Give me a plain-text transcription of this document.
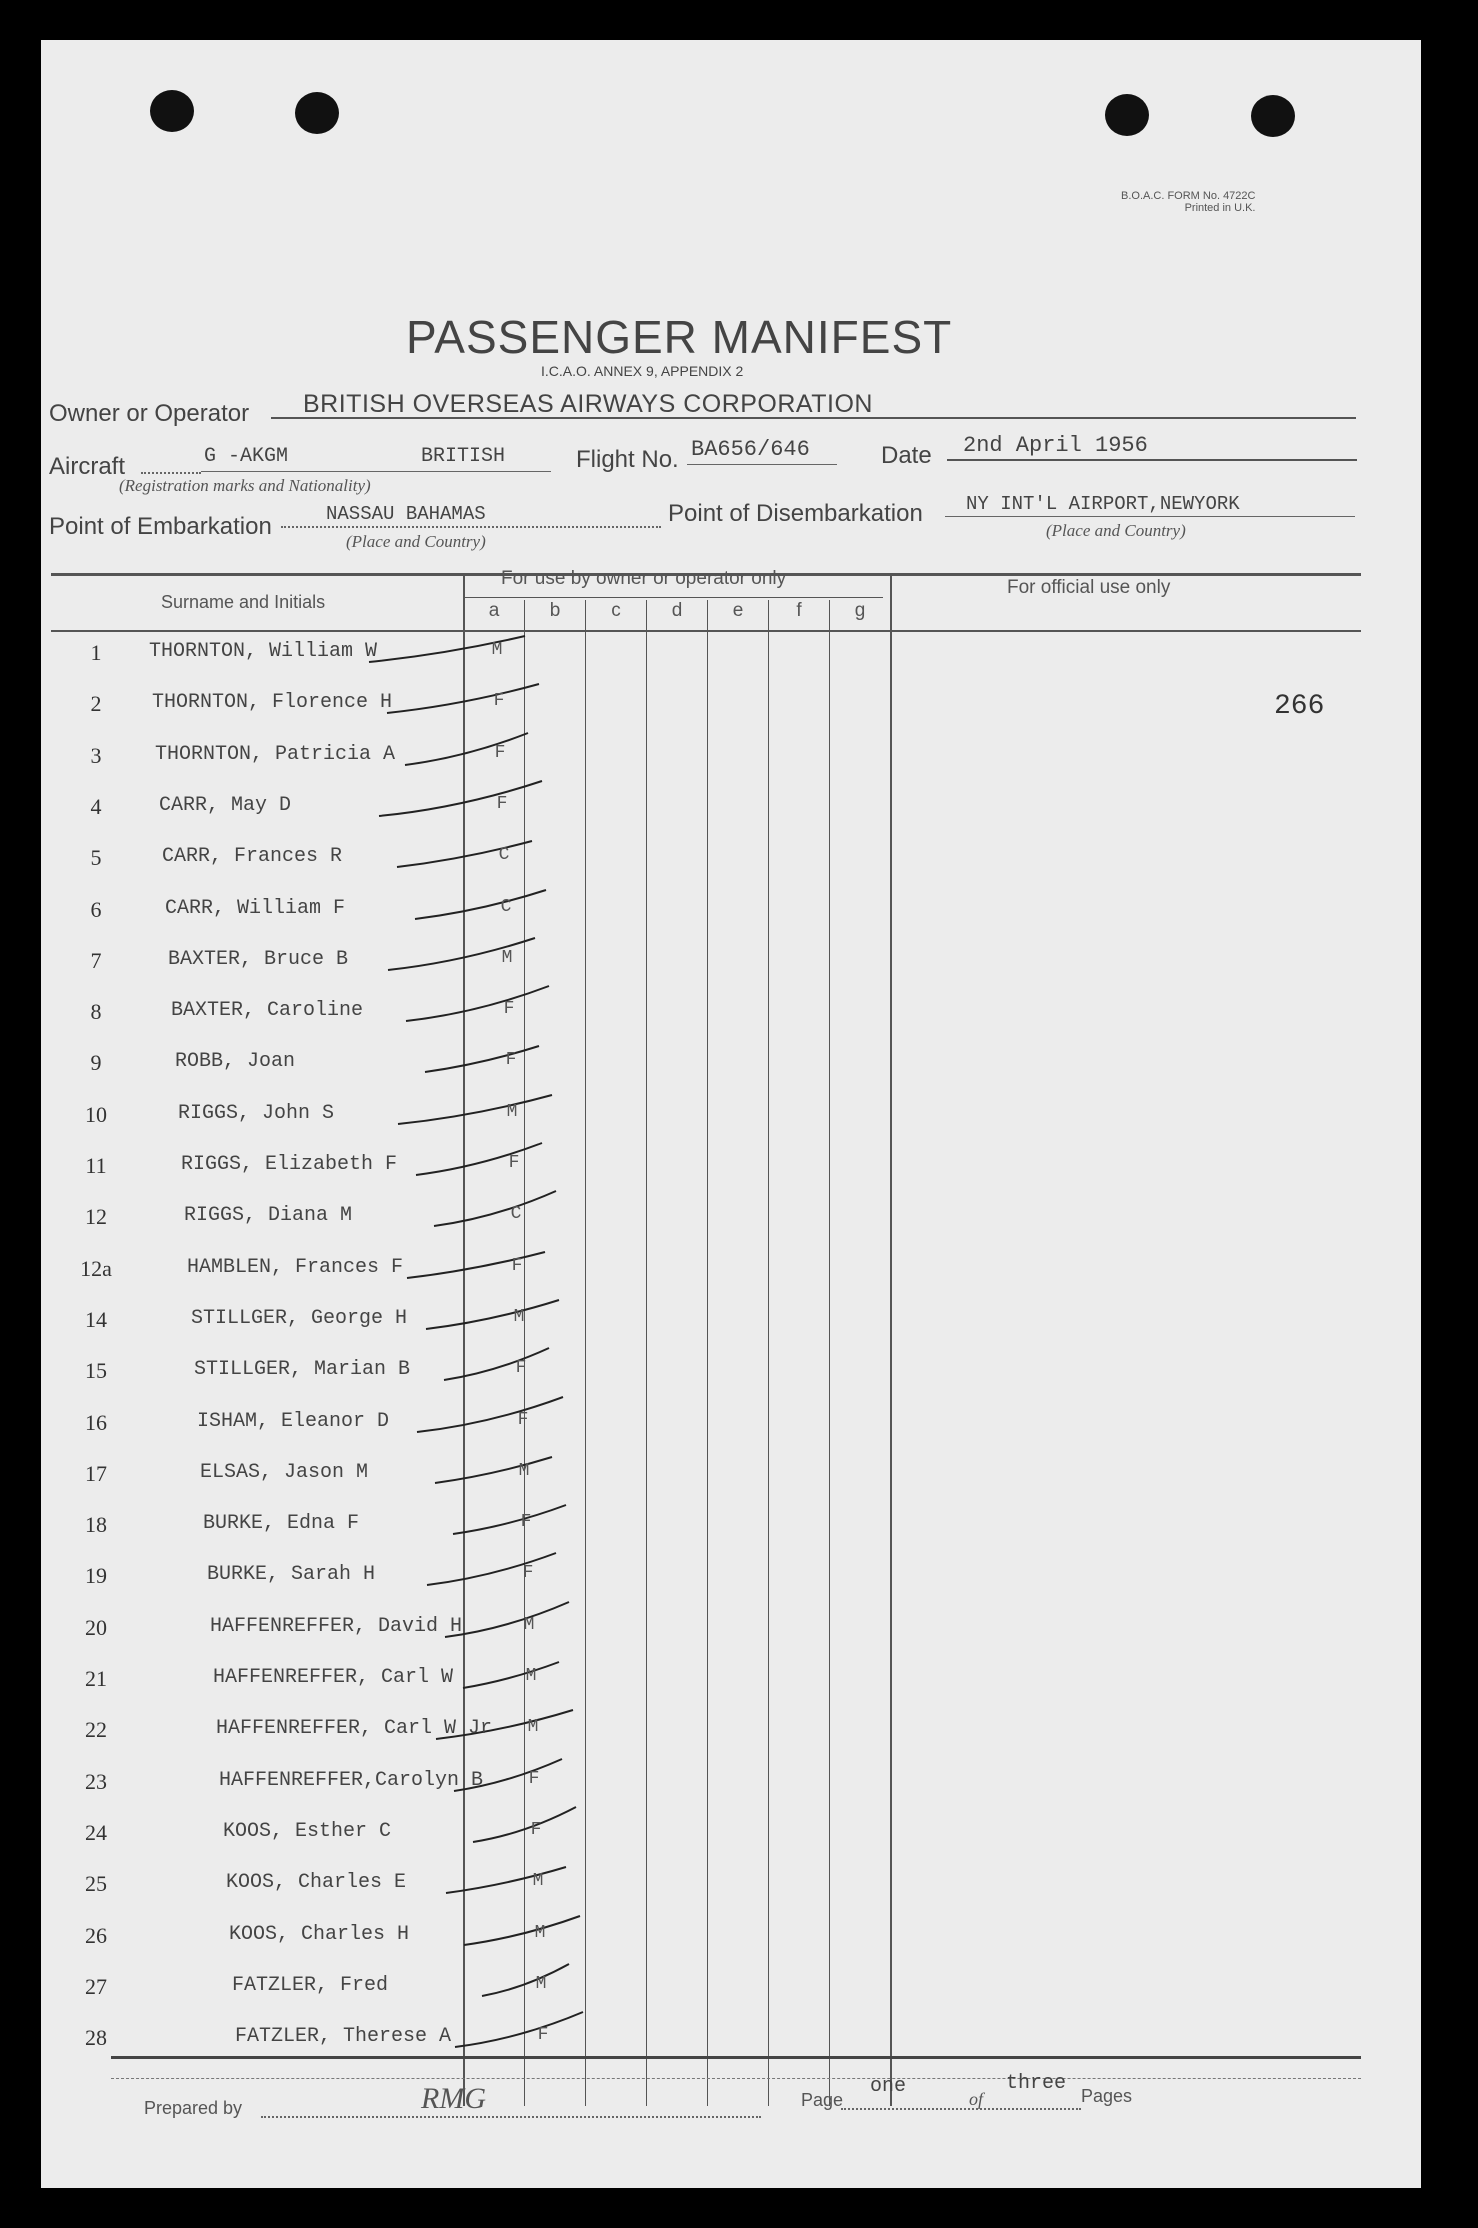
B.O.A.C. FORM No. 4722C
Printed in U.K.
PASSENGER MANIFEST
I.C.A.O. ANNEX 9, APPENDIX 2
Owner or Operator BRITISH OVERSEAS AIRWAYS CORPORATION
Aircraft	G -AKGM	BRITISH
(Registration marks and Nationality)
Flight No. BA656/646	Date 2nd April 1956
Point of Embarkation	NASSAU BAHAMAS
(Place and Country)
Point of Disembarkation NY INT'L AIRPORT,NEWYORK
(Place and Country)
For use by owner or operator only	For official use only
Surname and Initials	a	b	c	d	e	f	g
266
1	THORNTON, William W	M
2	THORNTON, Florence H	F
3	THORNTON, Patricia A	F
4	CARR, May D	F
5	CARR, Frances R	C
6	CARR, William F	C
7	BAXTER, Bruce B	M
8	BAXTER, Caroline	F
9	ROBB, Joan	F
10	RIGGS, John S	M
11	RIGGS, Elizabeth F	F
12	RIGGS, Diana M	C
12a	HAMBLEN, Frances F	F
14	STILLGER, George H	M
15	STILLGER, Marian B	F
16	ISHAM, Eleanor D	F
17	ELSAS, Jason M	M
18	BURKE, Edna F	F
19	BURKE, Sarah H	F
20	HAFFENREFFER, David H	M
21	HAFFENREFFER, Carl W	M
22	HAFFENREFFER, Carl W Jr	M
23	HAFFENREFFER,Carolyn B	F
24	KOOS, Esther C	F
25	KOOS, Charles E	M
26	KOOS, Charles H	M
27	FATZLER, Fred	M
28	FATZLER, Therese A	F
Prepared by	RMG	Page
one
of
three
Pages
